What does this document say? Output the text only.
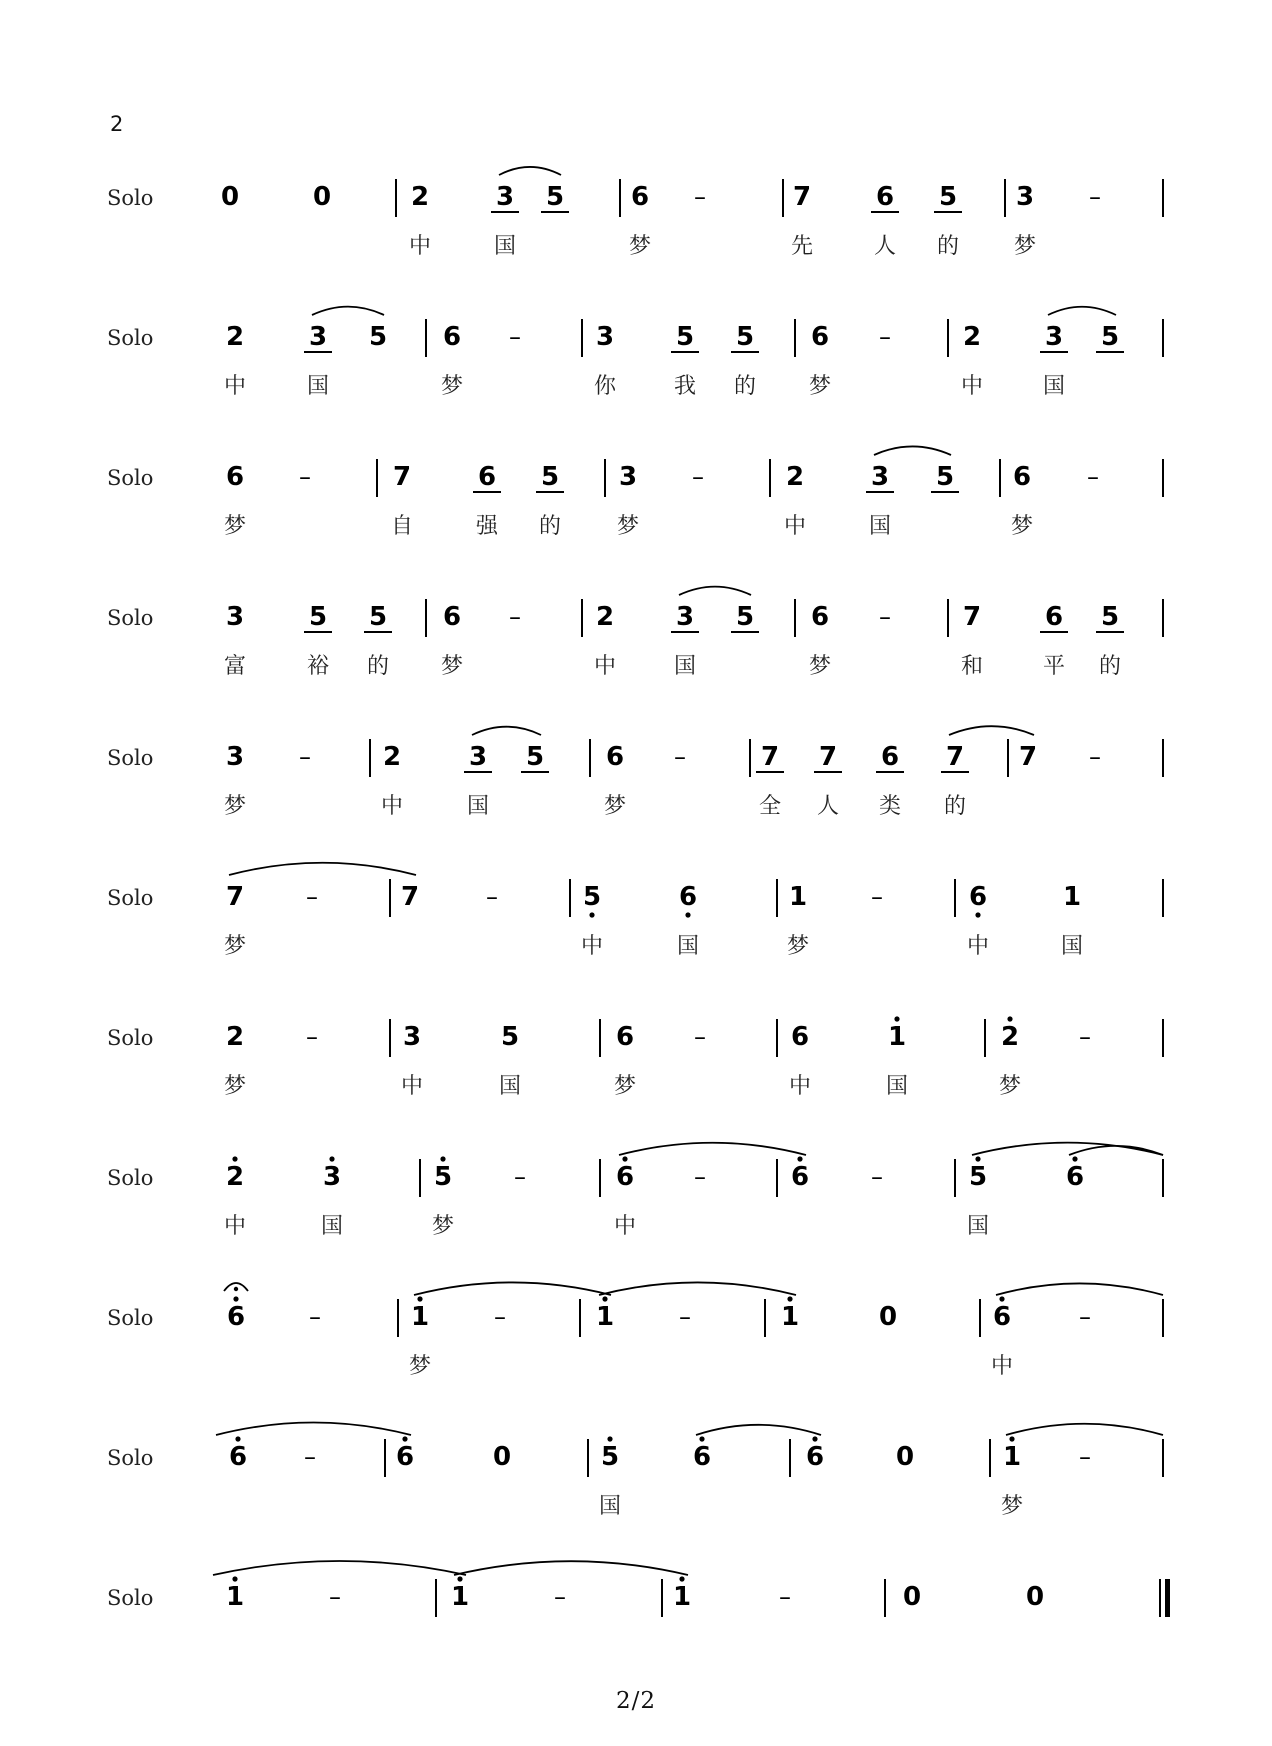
2
Solo	0	0	2	3 5	6 –	7 6 5 3 –
中	国	梦	先	人 的 梦
Solo	2 3 5 6 –	3 5 5 6 –	2 3 5
中	国	梦	你	我 的 梦	中	国
Solo	6 –	7	6 5 3 –	2	3 5 6 –
梦	自	强 的	梦	中	国	梦
Solo	3 5 5 6 –	2 3 5 6 –	7 6 5
富	裕 的 梦	中	国	梦	和	平 的
Solo	3 –	2	3 5 6 –	7 7 6 7 7 –
梦	中	国	梦	全 人 类 的
Solo	7	–	7	–	5	6	1	–	6	1
梦	中	国	梦	中	国
Solo	2	–	3	5	6 –	6	1	2 –
梦	中	国	梦	中	国	梦
Solo	2	3	5	–	6 –	6	–	5	6
中	国	梦	中	国
Solo	6	–	1	–	1	–	1	0	6	–
梦	中
Solo	6 –	6	0	5	6	6	0	1 –
国	梦
Solo	1	–	1	–	1	–	0	0
2/2
